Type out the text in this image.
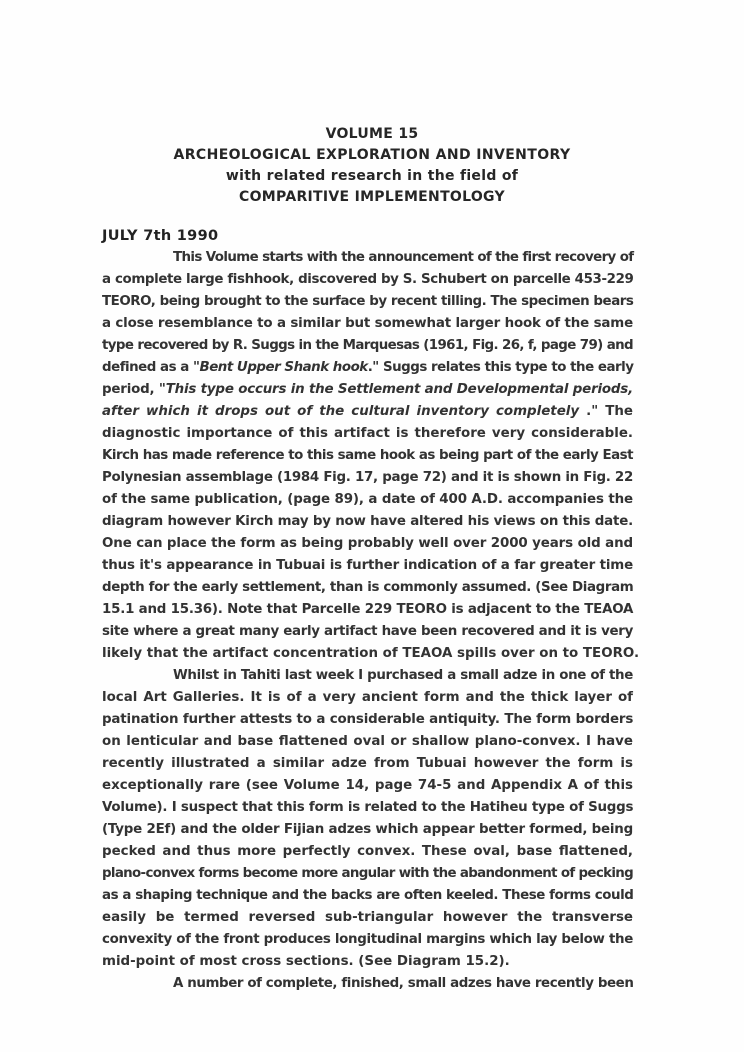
VOLUME 15
ARCHEOLOGICAL EXPLORATION AND INVENTORY
with related research in the field of
COMPARITIVE IMPLEMENTOLOGY
JULY 7th 1990
This Volume starts with the announcement of the first recovery of
a complete large fishhook, discovered by S. Schubert on parcelle 453-229
TEORO, being brought to the surface by recent tilling. The specimen bears
a close resemblance to a similar but somewhat larger hook of the same
type recovered by R. Suggs in the Marquesas (1961, Fig. 26, f, page 79) and
defined as a "Bent Upper Shank hook." Suggs relates this type to the early
period, "This type occurs in the Settlement and Developmental periods,
after which it drops out of the cultural inventory completely ." The
diagnostic importance of this artifact is therefore very considerable.
Kirch has made reference to this same hook as being part of the early East
Polynesian assemblage (1984 Fig. 17, page 72) and it is shown in Fig. 22
of the same publication, (page 89), a date of 400 A.D. accompanies the
diagram however Kirch may by now have altered his views on this date.
One can place the form as being probably well over 2000 years old and
thus it's appearance in Tubuai is further indication of a far greater time
depth for the early settlement, than is commonly assumed. (See Diagram
15.1 and 15.36). Note that Parcelle 229 TEORO is adjacent to the TEAOA
site where a great many early artifact have been recovered and it is very
likely that the artifact concentration of TEAOA spills over on to TEORO.
Whilst in Tahiti last week I purchased a small adze in one of the
local Art Galleries. It is of a very ancient form and the thick layer of
patination further attests to a considerable antiquity. The form borders
on lenticular and base flattened oval or shallow plano-convex. I have
recently illustrated a similar adze from Tubuai however the form is
exceptionally rare (see Volume 14, page 74-5 and Appendix A of this
Volume). I suspect that this form is related to the Hatiheu type of Suggs
(Type 2Ef) and the older Fijian adzes which appear better formed, being
pecked and thus more perfectly convex. These oval, base flattened,
plano-convex forms become more angular with the abandonment of pecking
as a shaping technique and the backs are often keeled. These forms could
easily be termed reversed sub-triangular however the transverse
convexity of the front produces longitudinal margins which lay below the
mid-point of most cross sections. (See Diagram 15.2).
A number of complete, finished, small adzes have recently been
